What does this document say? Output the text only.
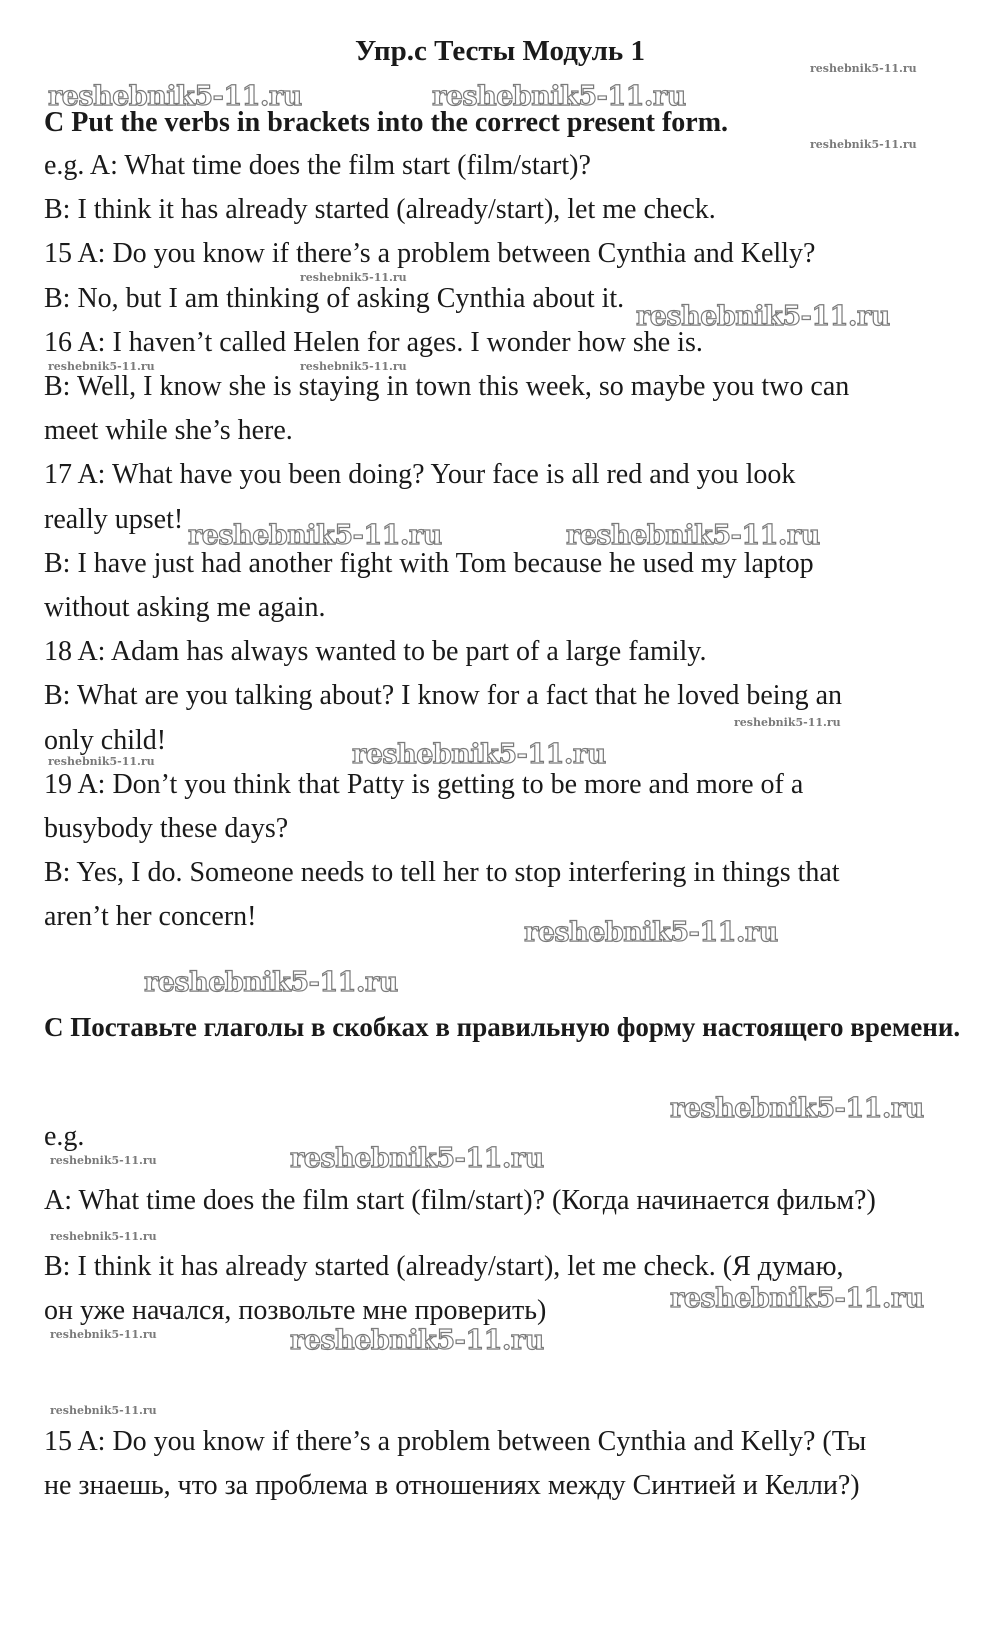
Упр.c Тесты Модуль 1
C Put the verbs in brackets into the correct present form.
e.g. A: What time does the film start (film/start)?
B: I think it has already started (already/start), let me check.
15 A: Do you know if there’s a problem between Cynthia and Kelly?
B: No, but I am thinking of asking Cynthia about it.
16 A: I haven’t called Helen for ages. I wonder how she is.
B: Well, I know she is staying in town this week, so maybe you two can
meet while she’s here.
17 A: What have you been doing? Your face is all red and you look
really upset!
B: I have just had another fight with Tom because he used my laptop
without asking me again.
18 A: Adam has always wanted to be part of a large family.
B: What are you talking about? I know for a fact that he loved being an
only child!
19 A: Don’t you think that Patty is getting to be more and more of a
busybody these days?
B: Yes, I do. Someone needs to tell her to stop interfering in things that
aren’t her concern!
C Поставьте глаголы в скобках в правильную форму настоящего времени.
e.g.
A: What time does the film start (film/start)? (Когда начинается фильм?)
B: I think it has already started (already/start), let me check. (Я думаю,
он уже начался, позвольте мне проверить)
15 A: Do you know if there’s a problem between Cynthia and Kelly? (Ты
не знаешь, что за проблема в отношениях между Синтией и Келли?)
reshebnik5-11.ru	reshebnik5-11.ru
reshebnik5-11.ru
reshebnik5-11.ru	reshebnik5-11.ru
reshebnik5-11.ru
reshebnik5-11.ru
reshebnik5-11.ru
reshebnik5-11.ru
reshebnik5-11.ru
reshebnik5-11.ru
reshebnik5-11.ru
reshebnik5-11.ru
reshebnik5-11.ru
reshebnik5-11.ru
reshebnik5-11.ru	reshebnik5-11.ru
reshebnik5-11.ru
reshebnik5-11.ru
reshebnik5-11.ru
reshebnik5-11.ru
reshebnik5-11.ru
reshebnik5-11.ru
